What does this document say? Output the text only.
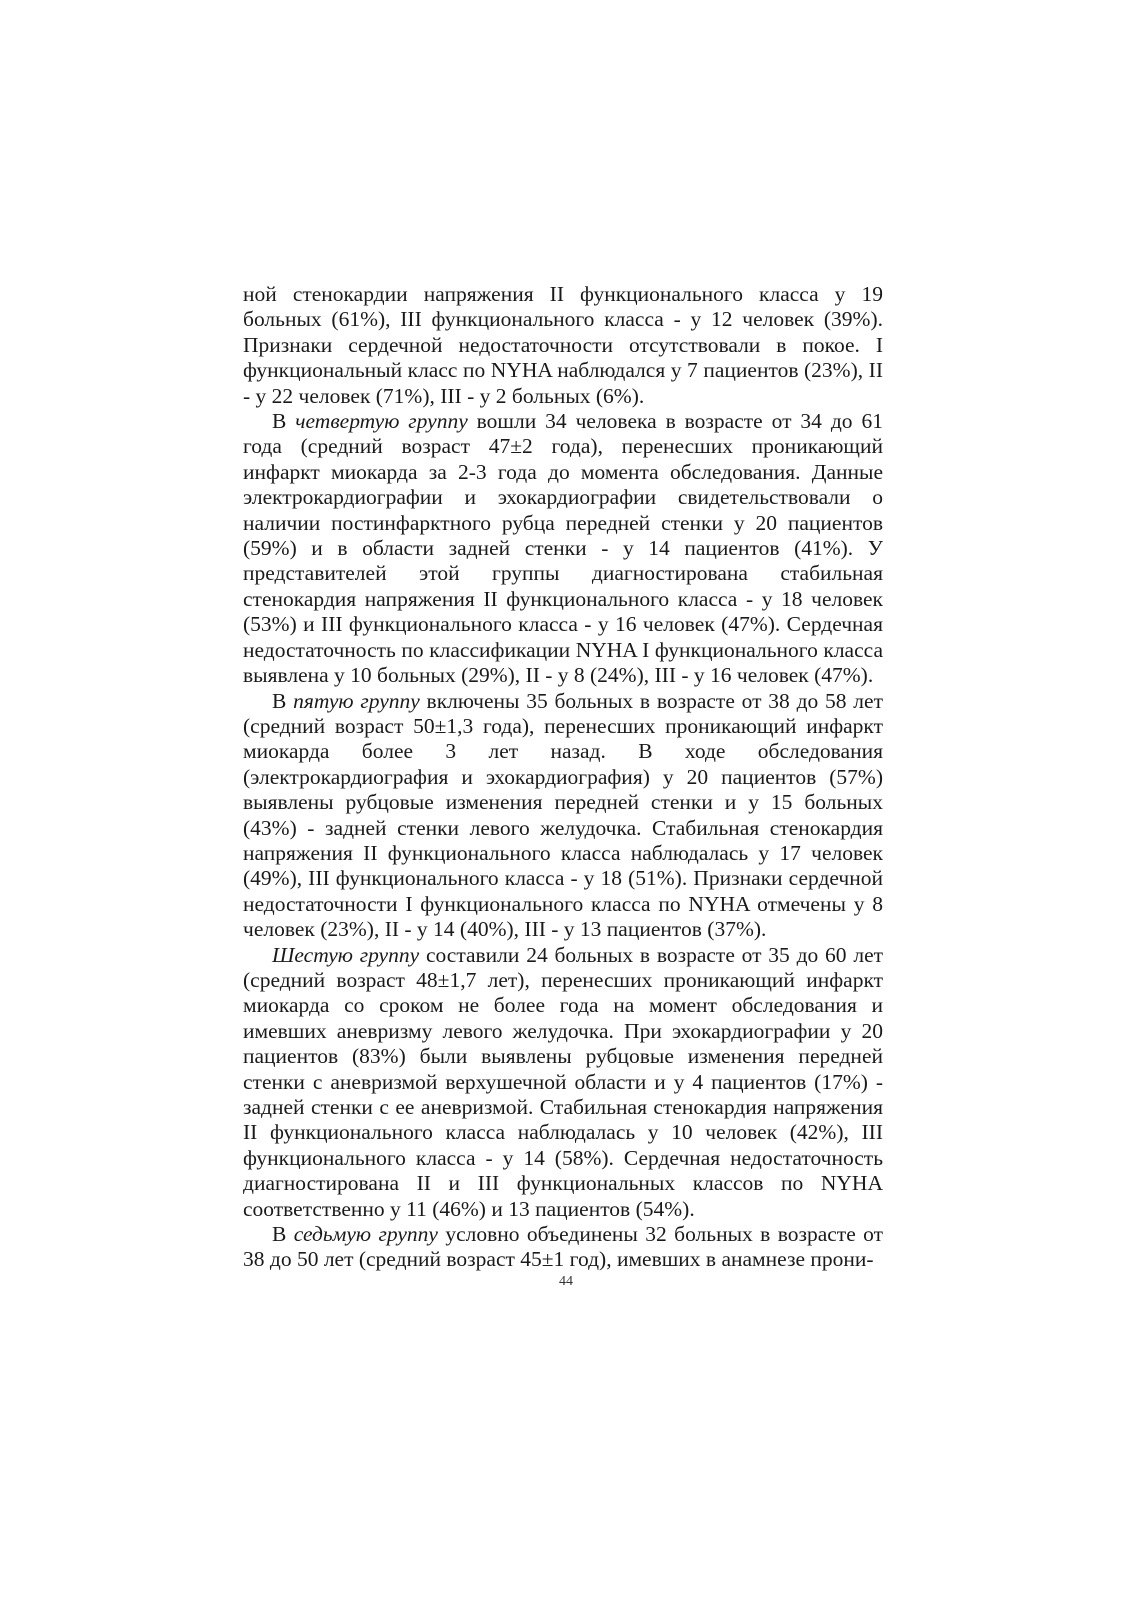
ной стенокардии напряжения II функционального класса у 19 больных (61%), III функционального класса - у 12 человек (39%). Признаки сердечной недостаточности отсутствовали в покое. I функциональный класс по NYHA наблюдался у 7 пациентов (23%), II - у 22 человек (71%), III - у 2 больных (6%).

В четвертую группу вошли 34 человека в возрасте от 34 до 61 года (средний возраст 47±2 года), перенесших проникающий инфаркт миокарда за 2-3 года до момента обследования. Данные электрокардиографии и эхокардиографии свидетельствовали о наличии постинфарктного рубца передней стенки у 20 пациентов (59%) и в области задней стенки - у 14 пациентов (41%). У представителей этой группы диагностирована стабильная стенокардия напряжения II функционального класса - у 18 человек (53%) и III функционального класса - у 16 человек (47%). Сердечная недостаточность по классификации NYHA I функционального класса выявлена у 10 больных (29%), II - у 8 (24%), III - у 16 человек (47%).

В пятую группу включены 35 больных в возрасте от 38 до 58 лет (средний возраст 50±1,3 года), перенесших проникающий инфаркт миокарда более 3 лет назад. В ходе обследования (электрокардиография и эхокардиография) у 20 пациентов (57%) выявлены рубцовые изменения передней стенки и у 15 больных (43%) - задней стенки левого желудочка. Стабильная стенокардия напряжения II функционального класса наблюдалась у 17 человек (49%), III функционального класса - у 18 (51%). Признаки сердечной недостаточности I функционального класса по NYHA отмечены у 8 человек (23%), II - у 14 (40%), III - у 13 пациентов (37%).

Шестую группу составили 24 больных в возрасте от 35 до 60 лет (средний возраст 48±1,7 лет), перенесших проникающий инфаркт миокарда со сроком не более года на момент обследования и имевших аневризму левого желудочка. При эхокардиографии у 20 пациентов (83%) были выявлены рубцовые изменения передней стенки с аневризмой верхушечной области и у 4 пациентов (17%) - задней стенки с ее аневризмой. Стабильная стенокардия напряжения II функционального класса наблюдалась у 10 человек (42%), III функционального класса - у 14 (58%). Сердечная недостаточность диагностирована II и III функциональных классов по NYHA соответственно у 11 (46%) и 13 пациентов (54%).

В седьмую группу условно объединены 32 больных в возрасте от 38 до 50 лет (средний возраст 45±1 год), имевших в анамнезе прони-

44
